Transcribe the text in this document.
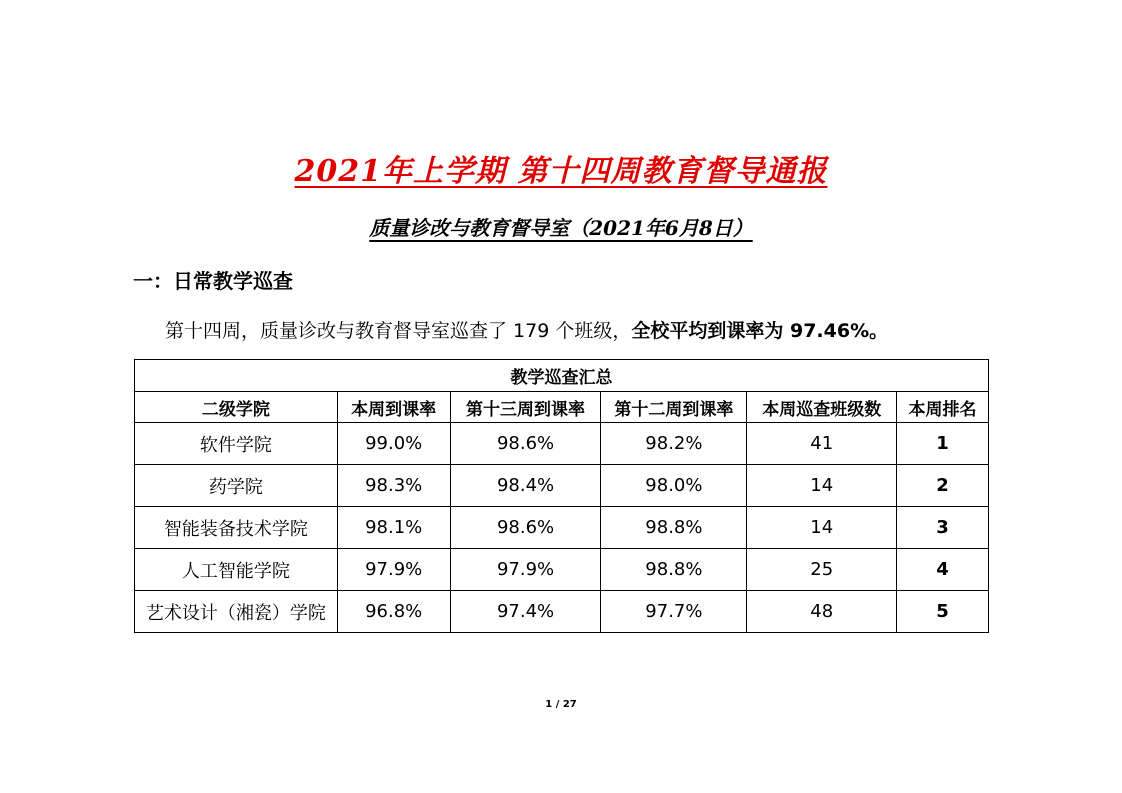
2021年上学期 第十四周教育督导通报
质量诊改与教育督导室（2021年6月8日）
一：日常教学巡查
第十四周，质量诊改与教育督导室巡查了 179 个班级，全校平均到课率为 97.46%。
教学巡查汇总					
二级学院	本周到课率	第十三周到课率	第十二周到课率	本周巡查班级数	本周排名
软件学院	99.0%	98.6%	98.2%	41	1
药学院	98.3%	98.4%	98.0%	14	2
智能装备技术学院	98.1%	98.6%	98.8%	14	3
人工智能学院	97.9%	97.9%	98.8%	25	4
艺术设计（湘瓷）学院	96.8%	97.4%	97.7%	48	5
1 / 27
